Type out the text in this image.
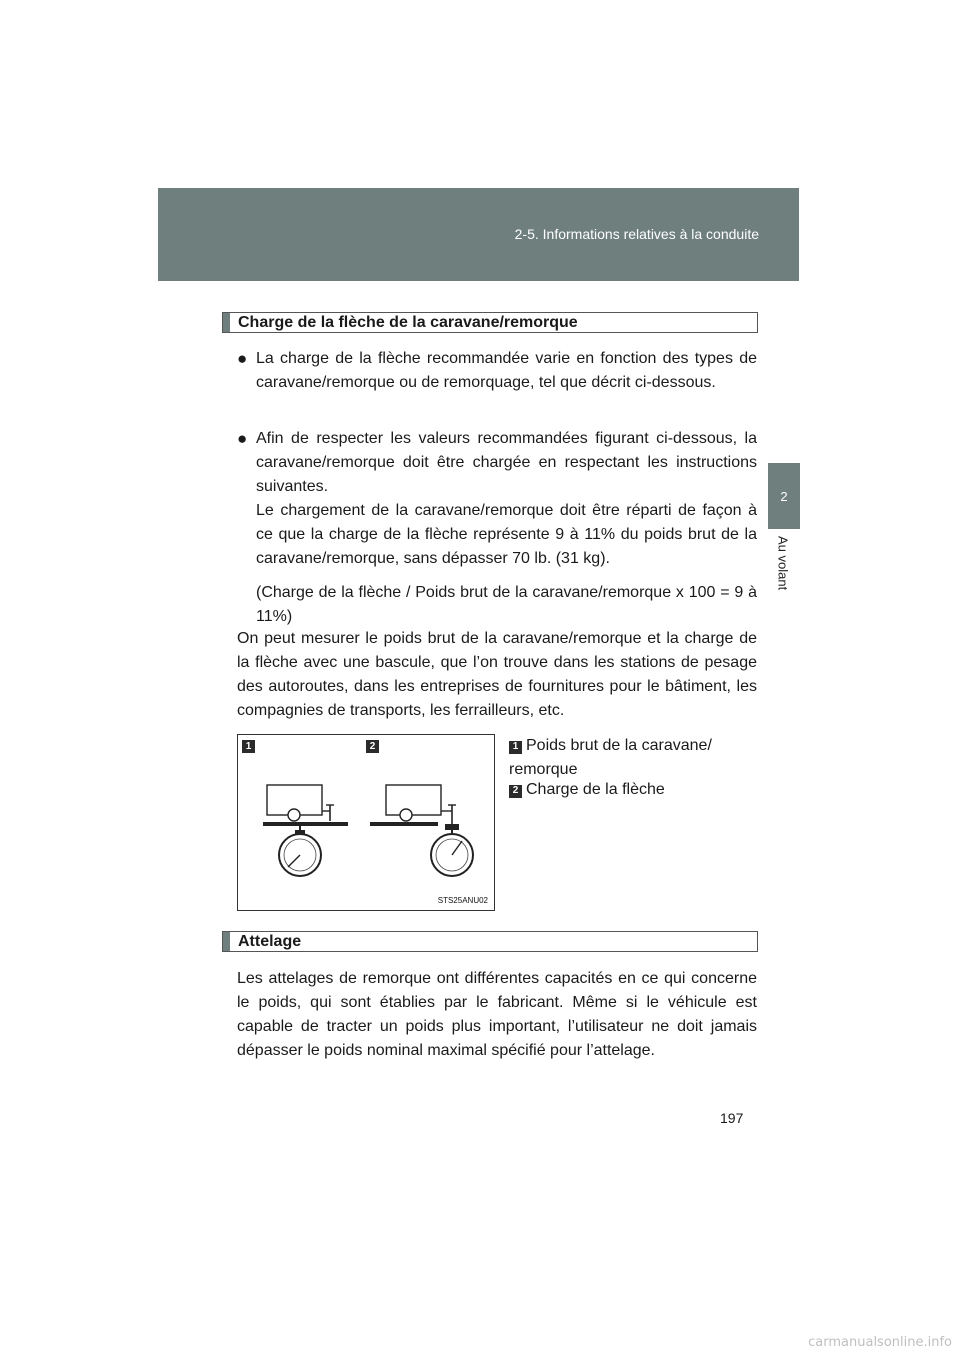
2-5. Informations relatives à la conduite
2
Au volant
Charge de la flèche de la caravane/remorque
● La charge de la flèche recommandée varie en fonction des types de caravane/remorque ou de remorquage, tel que décrit ci-dessous.
● Afin de respecter les valeurs recommandées figurant ci-dessous, la caravane/remorque doit être chargée en respectant les instructions suivantes.
Le chargement de la caravane/remorque doit être réparti de façon à ce que la charge de la flèche représente 9 à 11% du poids brut de la caravane/remorque, sans dépasser 70 lb. (31 kg).
(Charge de la flèche / Poids brut de la caravane/remorque x 100 = 9 à 11%)
On peut mesurer le poids brut de la caravane/remorque et la charge de la flèche avec une bascule, que l’on trouve dans les stations de pesage des autoroutes, dans les entreprises de fournitures pour le bâtiment, les compagnies de transports, les ferrailleurs, etc.
1	2
STS25ANU02
1 Poids brut de la caravane/ remorque
2 Charge de la flèche
Attelage
Les attelages de remorque ont différentes capacités en ce qui concerne le poids, qui sont établies par le fabricant. Même si le véhicule est capable de tracter un poids plus important, l’utilisateur ne doit jamais dépasser le poids nominal maximal spécifié pour l’attelage.
197
carmanualsonline.info
